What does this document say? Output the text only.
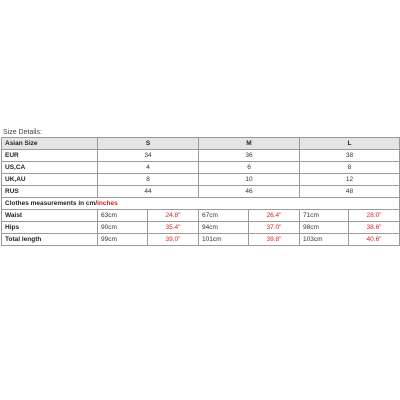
Size Details:
Asian Size	S		M		L	
EUR	34		36		38	
US,CA	4		6		8	
UK,AU	8		10		12	
RUS	44		46		48	
Clothes measurements in cm/inches						
Waist	63cm	24.8"	67cm	26.4"	71cm	28.0"
Hips	90cm	35.4"	94cm	37.0"	98cm	38.6"
Total length	99cm	39.0"	101cm	39.8"	103cm	40.6"
